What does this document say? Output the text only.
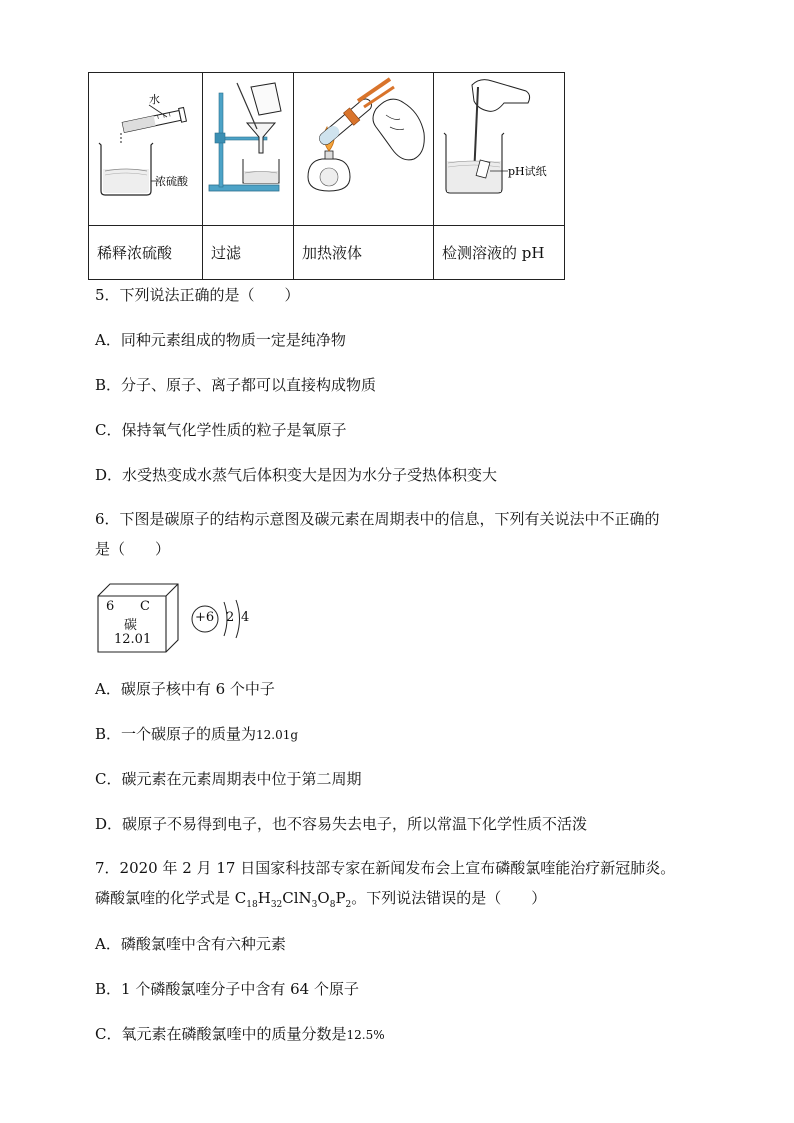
水
浓硫酸			pH试纸

稀释浓硫酸	过滤	加热液体	检测溶液的 pH
5．下列说法正确的是（　　）
A．同种元素组成的物质一定是纯净物
B．分子、原子、离子都可以直接构成物质
C．保持氧气化学性质的粒子是氧原子
D．水受热变成水蒸气后体积变大是因为水分子受热体积变大
6．下图是碳原子的结构示意图及碳元素在周期表中的信息，下列有关说法中不正确的
是（　　）
6 C
碳
12.01
+6 2 4
A．碳原子核中有 6 个中子
B．一个碳原子的质量为12.01g
C．碳元素在元素周期表中位于第二周期
D．碳原子不易得到电子，也不容易失去电子，所以常温下化学性质不活泼
7．2020 年 2 月 17 日国家科技部专家在新闻发布会上宣布磷酸氯喹能治疗新冠肺炎。
磷酸氯喹的化学式是 $C_{18}H_{32}ClN_3O_8P_2$。下列说法错误的是（　　）
A．磷酸氯喹中含有六种元素
B．1 个磷酸氯喹分子中含有 64 个原子
C．氧元素在磷酸氯喹中的质量分数是12.5%
